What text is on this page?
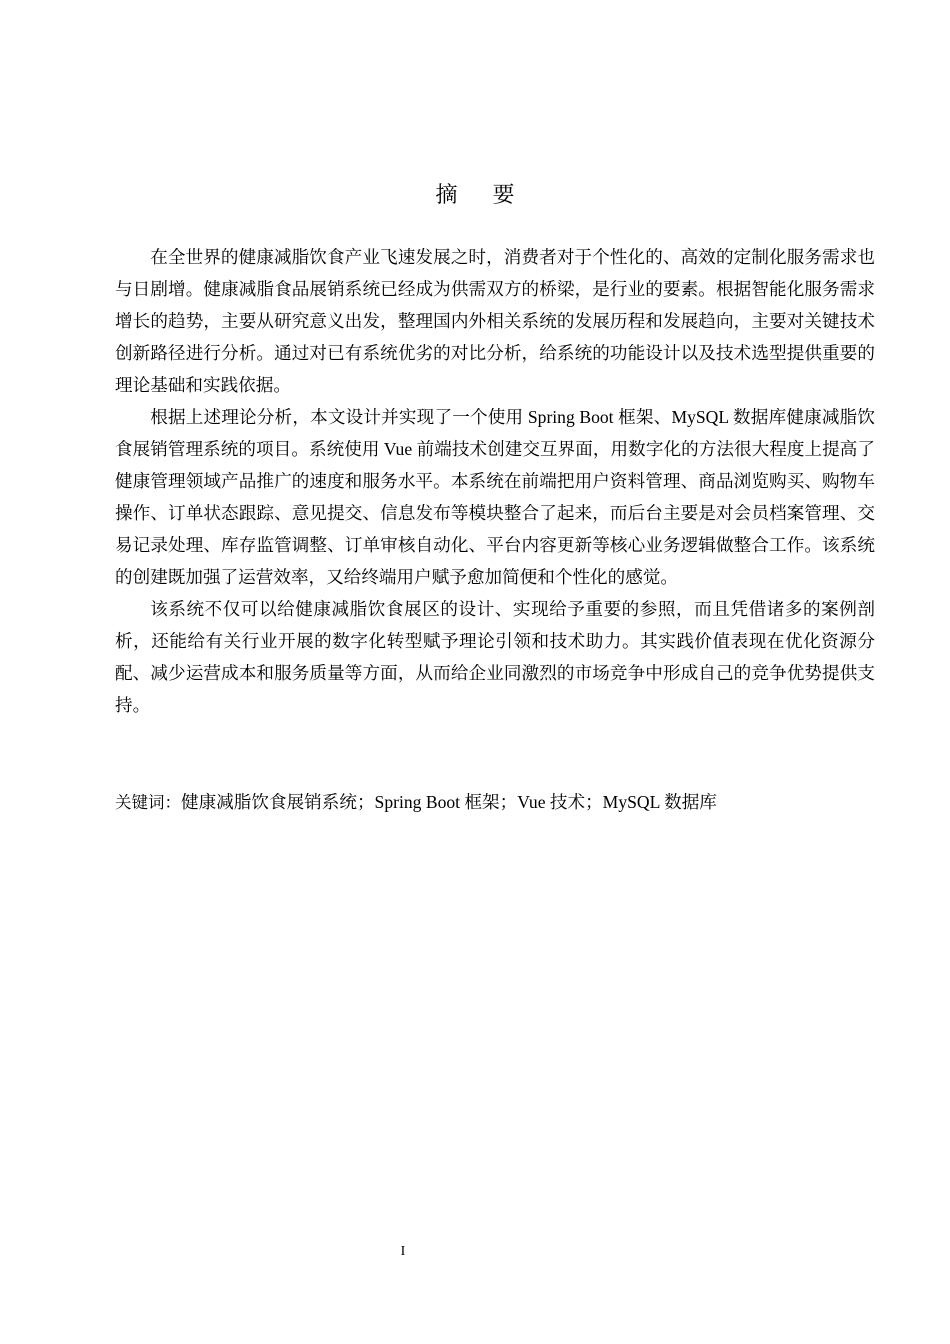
摘 要

在全世界的健康减脂饮食产业飞速发展之时，消费者对于个性化的、高效的定制化服务需求也与日剧增。健康减脂食品展销系统已经成为供需双方的桥梁，是行业的要素。根据智能化服务需求增长的趋势，主要从研究意义出发，整理国内外相关系统的发展历程和发展趋向，主要对关键技术创新路径进行分析。通过对已有系统优劣的对比分析，给系统的功能设计以及技术选型提供重要的理论基础和实践依据。

根据上述理论分析，本文设计并实现了一个使用 Spring Boot 框架、MySQL 数据库健康减脂饮食展销管理系统的项目。系统使用 Vue 前端技术创建交互界面，用数字化的方法很大程度上提高了健康管理领域产品推广的速度和服务水平。本系统在前端把用户资料管理、商品浏览购买、购物车操作、订单状态跟踪、意见提交、信息发布等模块整合了起来，而后台主要是对会员档案管理、交易记录处理、库存监管调整、订单审核自动化、平台内容更新等核心业务逻辑做整合工作。该系统的创建既加强了运营效率，又给终端用户赋予愈加简便和个性化的感觉。

该系统不仅可以给健康减脂饮食展区的设计、实现给予重要的参照，而且凭借诸多的案例剖析，还能给有关行业开展的数字化转型赋予理论引领和技术助力。其实践价值表现在优化资源分配、减少运营成本和服务质量等方面，从而给企业同激烈的市场竞争中形成自己的竞争优势提供支持。

关键词：健康减脂饮食展销系统；Spring Boot 框架；Vue 技术；MySQL 数据库
I
